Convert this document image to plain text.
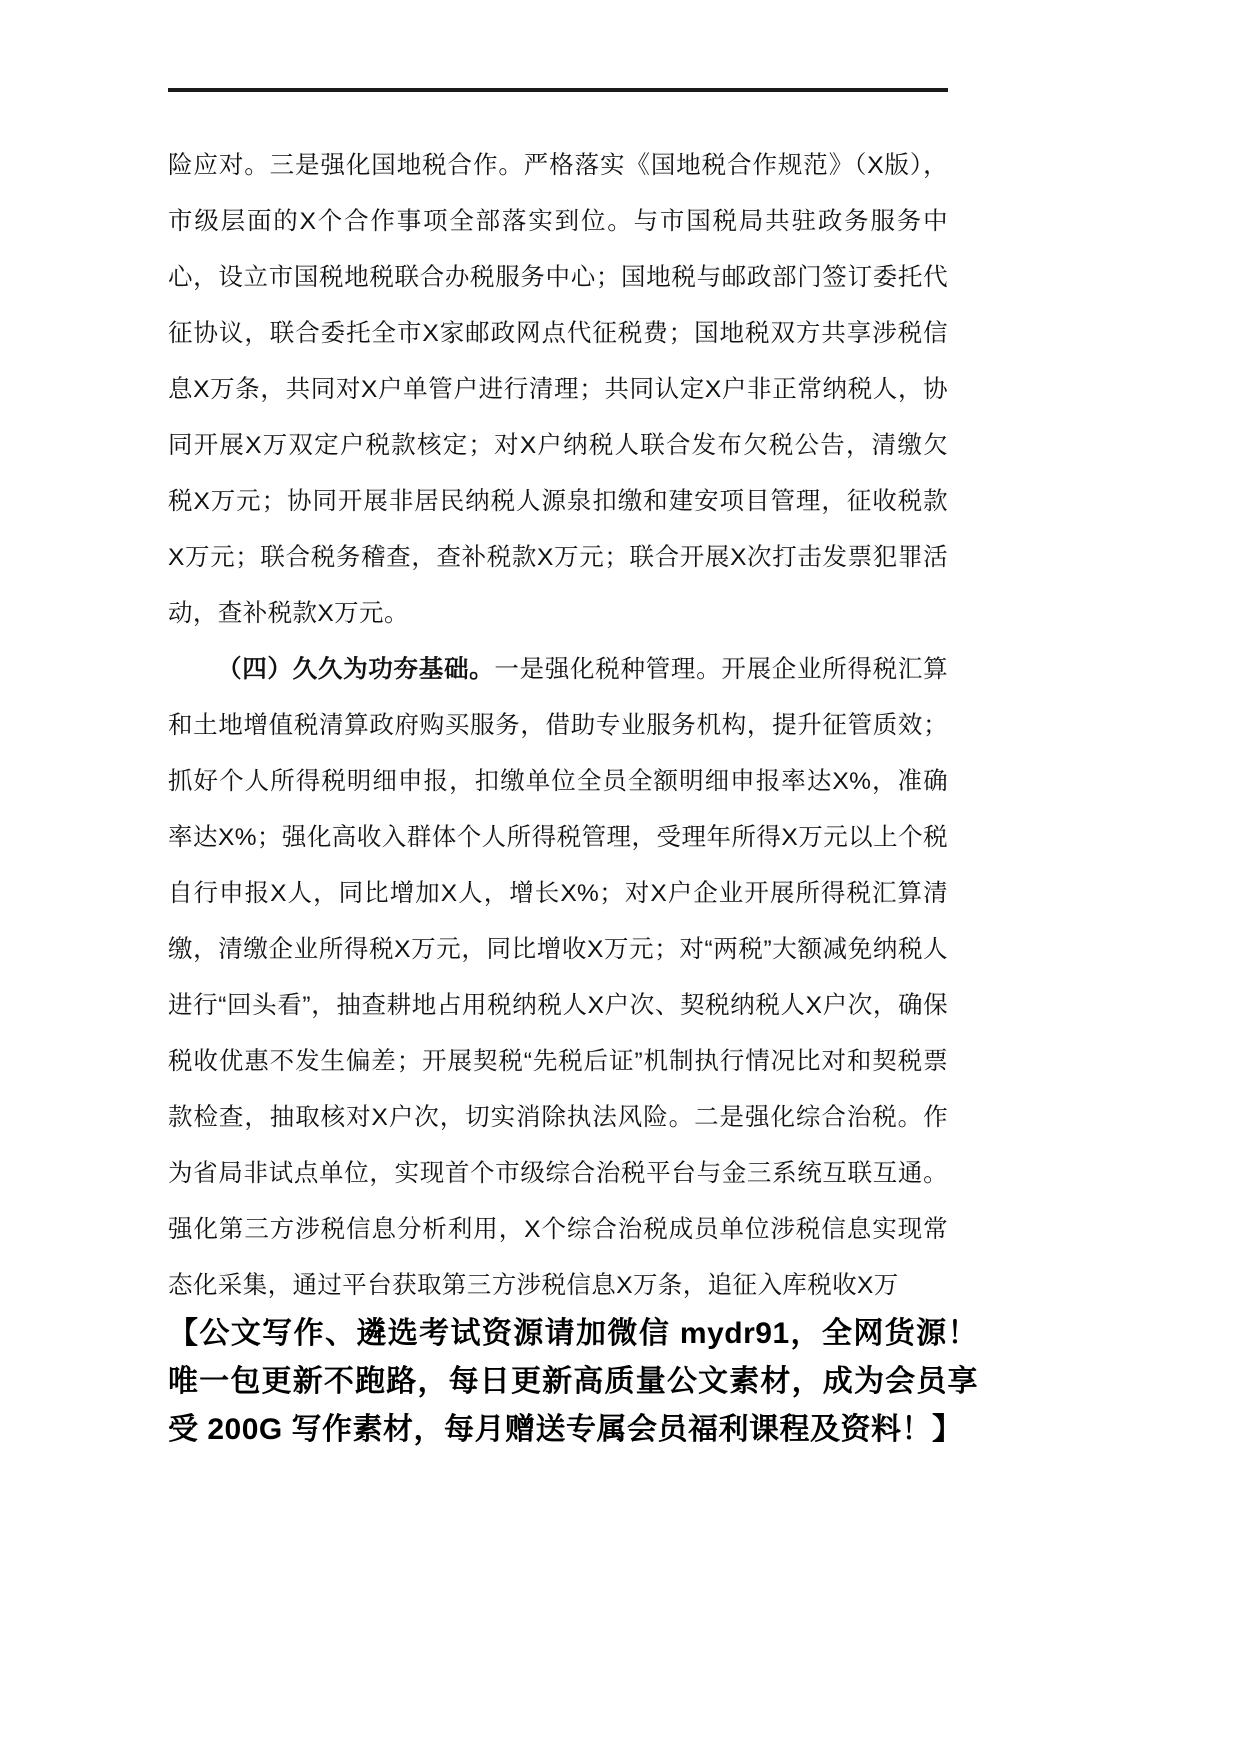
险应对。三是强化国地税合作。严格落实《国地税合作规范》（X版），市级层面的X个合作事项全部落实到位。与市国税局共驻政务服务中心，设立市国税地税联合办税服务中心；国地税与邮政部门签订委托代征协议，联合委托全市X家邮政网点代征税费；国地税双方共享涉税信息X万条，共同对X户单管户进行清理；共同认定X户非正常纳税人，协同开展X万双定户税款核定；对X户纳税人联合发布欠税公告，清缴欠税X万元；协同开展非居民纳税人源泉扣缴和建安项目管理，征收税款X万元；联合税务稽查，查补税款X万元；联合开展X次打击发票犯罪活动，查补税款X万元。

（四）久久为功夯基础。一是强化税种管理。开展企业所得税汇算和土地增值税清算政府购买服务，借助专业服务机构，提升征管质效；抓好个人所得税明细申报，扣缴单位全员全额明细申报率达X%，准确率达X%；强化高收入群体个人所得税管理，受理年所得X万元以上个税自行申报X人，同比增加X人，增长X%；对X户企业开展所得税汇算清缴，清缴企业所得税X万元，同比增收X万元；对“两税”大额减免纳税人进行“回头看”，抽查耕地占用税纳税人X户次、契税纳税人X户次，确保税收优惠不发生偏差；开展契税“先税后证”机制执行情况比对和契税票款检查，抽取核对X户次，切实消除执法风险。二是强化综合治税。作为省局非试点单位，实现首个市级综合治税平台与金三系统互联互通。强化第三方涉税信息分析利用，X个综合治税成员单位涉税信息实现常态化采集，通过平台获取第三方涉税信息X万条，追征入库税收X万

【公文写作、遴选考试资源请加微信 mydr91，全网货源！唯一包更新不跑路，每日更新高质量公文素材，成为会员享受 200G 写作素材，每月赠送专属会员福利课程及资料！】
